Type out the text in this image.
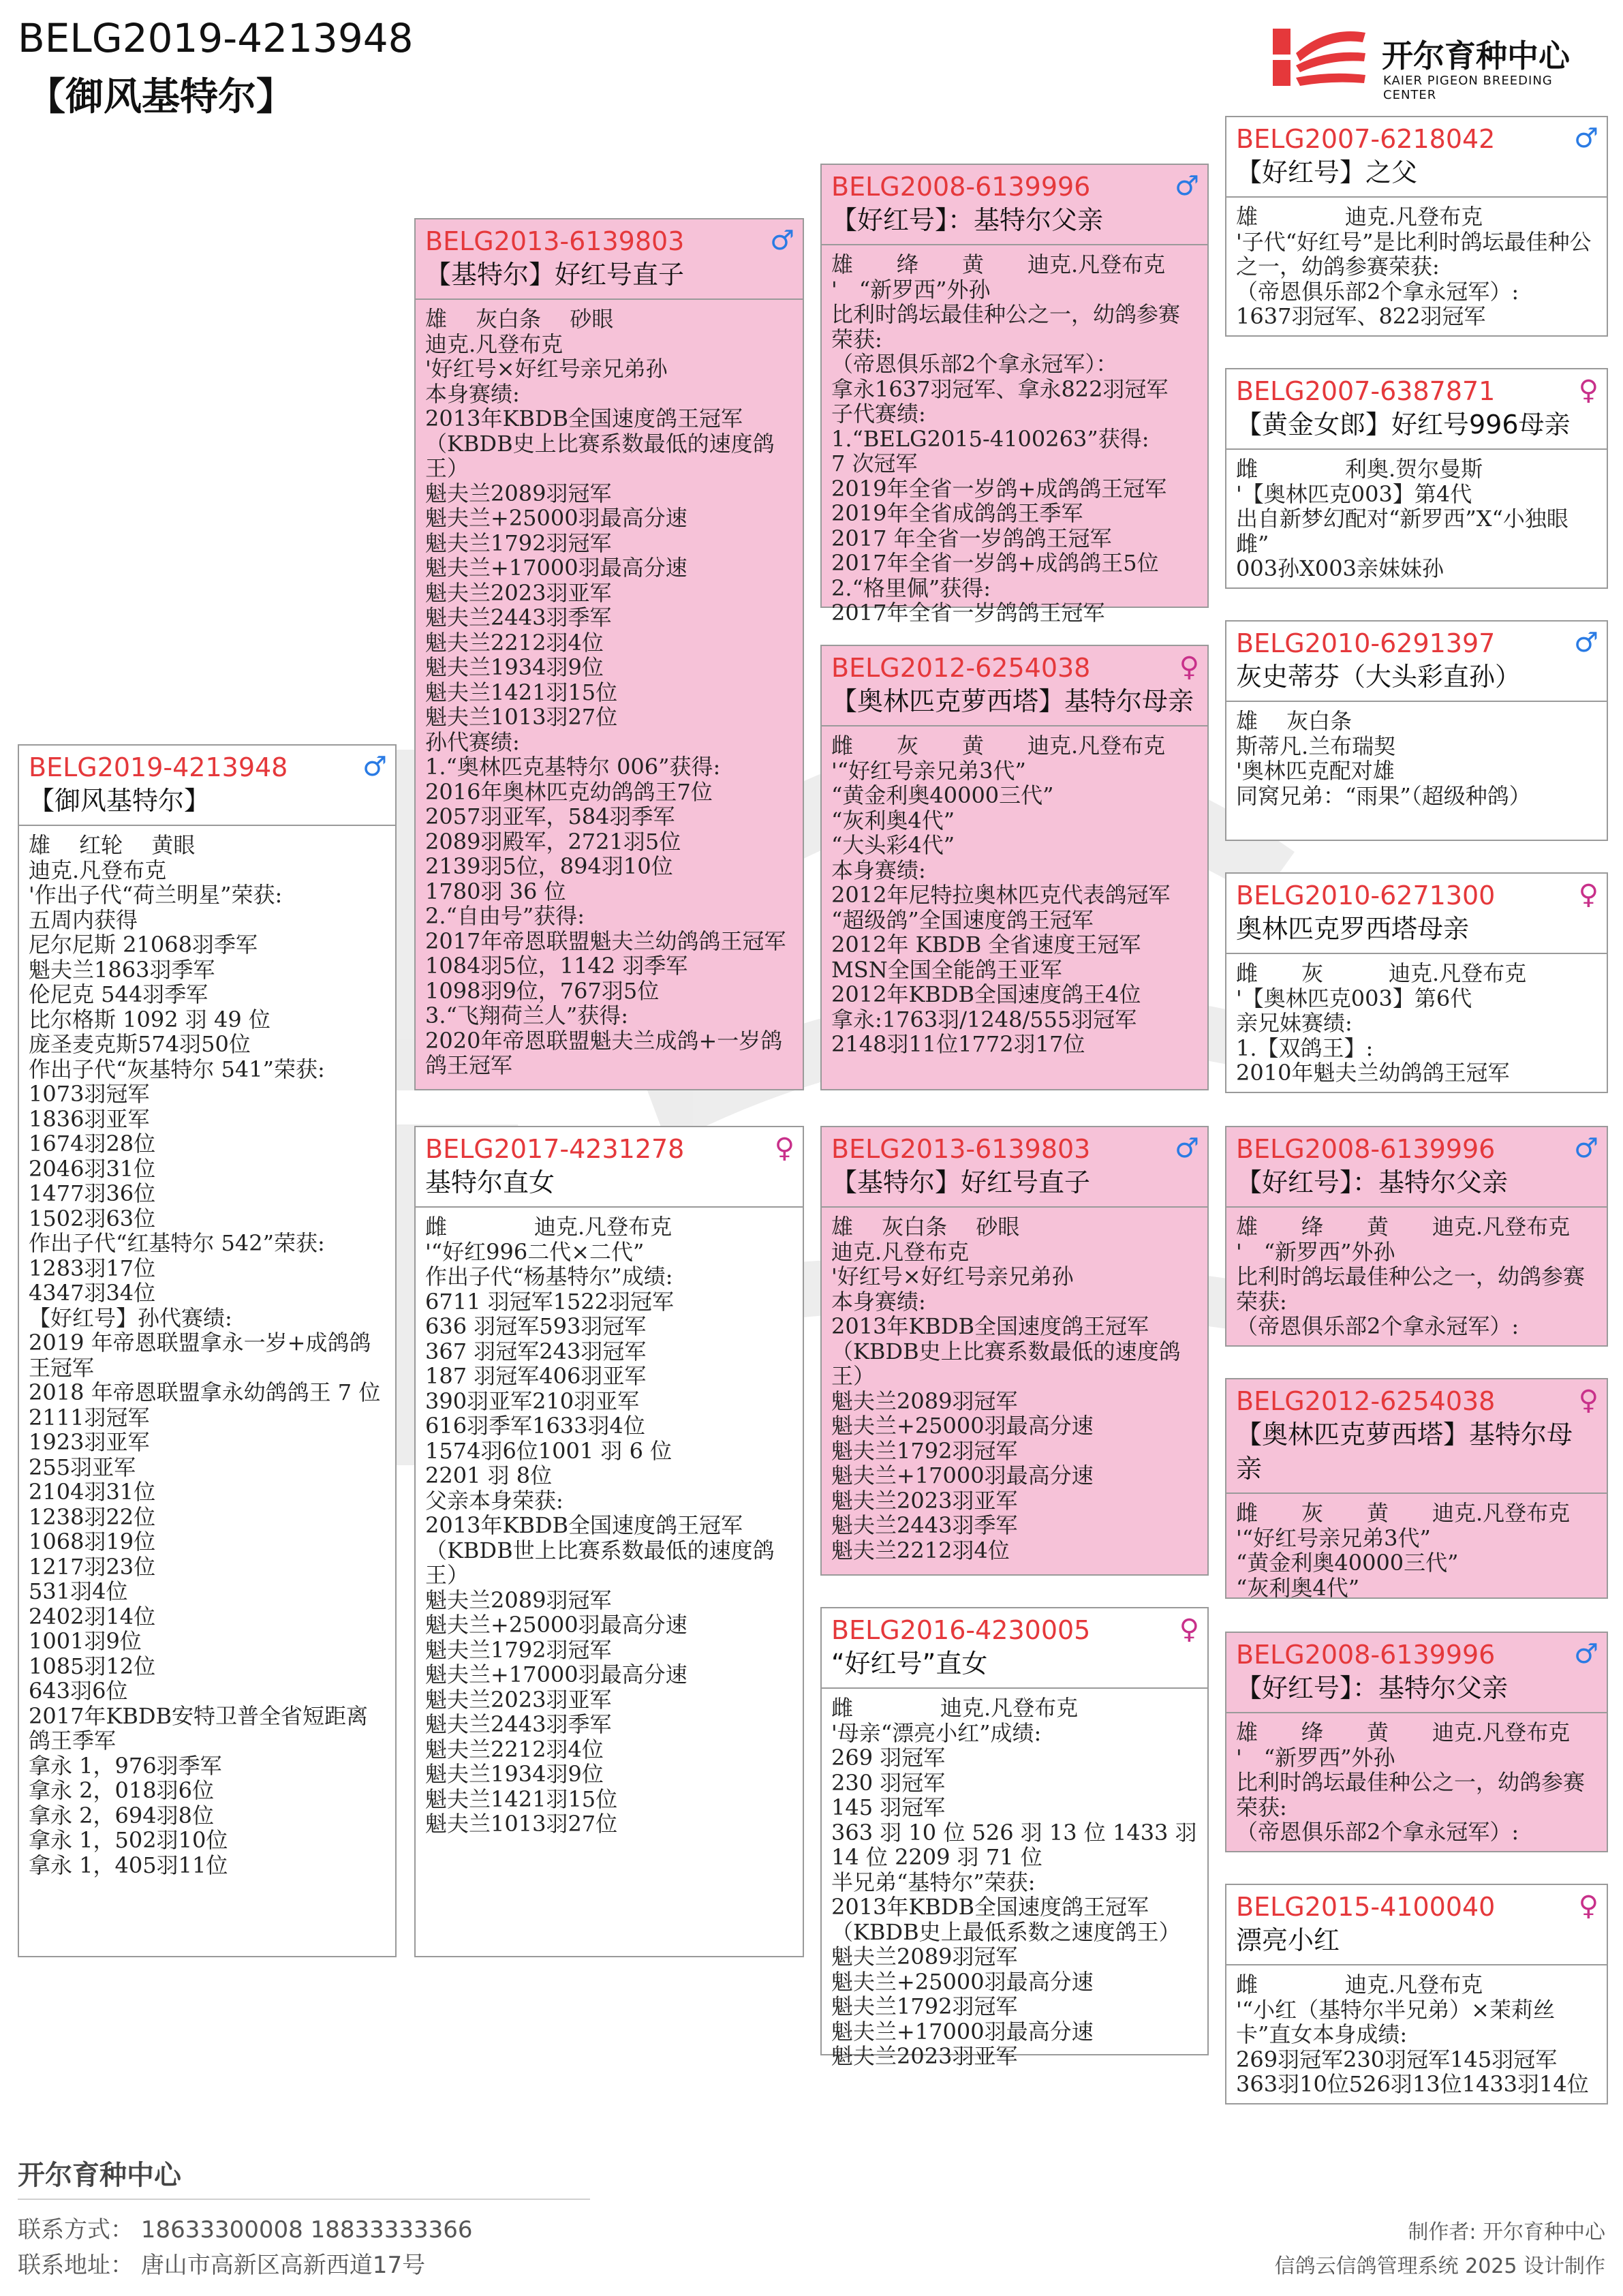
BELG2019-4213948
【御风基特尔】
开尔育种中心
KAIER PIGEON BREEDING CENTER
BELG2019-4213948	♂
【御风基特尔】
雄　 红轮　 黄眼
迪克.凡登布克
'作出子代“荷兰明星”荣获:
五周内获得
尼尔尼斯 21068羽季军
魁夫兰1863羽季军
伦尼克 544羽季军
比尔格斯 1092 羽 49 位
庞圣麦克斯574羽50位
作出子代“灰基特尔 541”荣获:
1073羽冠军
1836羽亚军
1674羽28位
2046羽31位
1477羽36位
1502羽63位
作出子代“红基特尔 542”荣获:
1283羽17位
4347羽34位
【好红号】孙代赛绩:
2019 年帝恩联盟拿永一岁+成鸽鸽王冠军
2018 年帝恩联盟拿永幼鸽鸽王 7 位
2111羽冠军
1923羽亚军
255羽亚军
2104羽31位
1238羽22位
1068羽19位
1217羽23位
531羽4位
2402羽14位
1001羽9位
1085羽12位
643羽6位
2017年KBDB安特卫普全省短距离鸽王季军
拿永 1，976羽季军
拿永 2，018羽6位
拿永 2，694羽8位
拿永 1，502羽10位
拿永 1，405羽11位
BELG2013-6139803	♂
【基特尔】好红号直子
雄　 灰白条　 砂眼
迪克.凡登布克
'好红号×好红号亲兄弟孙
本身赛绩:
2013年KBDB全国速度鸽王冠军
（KBDB史上比赛系数最低的速度鸽王）
魁夫兰2089羽冠军
魁夫兰+25000羽最高分速
魁夫兰1792羽冠军
魁夫兰+17000羽最高分速
魁夫兰2023羽亚军
魁夫兰2443羽季军
魁夫兰2212羽4位
魁夫兰1934羽9位
魁夫兰1421羽15位
魁夫兰1013羽27位
孙代赛绩:
1.“奥林匹克基特尔 006”获得:
2016年奥林匹克幼鸽鸽王7位
2057羽亚军，584羽季军
2089羽殿军，2721羽5位
2139羽5位，894羽10位
1780羽 36 位
2.“自由号”获得:
2017年帝恩联盟魁夫兰幼鸽鸽王冠军
1084羽5位，1142 羽季军
1098羽9位，767羽5位
3.“飞翔荷兰人”获得:
2020年帝恩联盟魁夫兰成鸽+一岁鸽鸽王冠军
BELG2017-4231278	♀
基特尔直女
雌　　　　迪克.凡登布克
'“好红996二代×二代”
作出子代“杨基特尔”成绩:
6711 羽冠军1522羽冠军
636 羽冠军593羽冠军
367 羽冠军243羽冠军
187 羽冠军406羽亚军
390羽亚军210羽亚军
616羽季军1633羽4位
1574羽6位1001 羽 6 位
2201 羽 8位
父亲本身荣获:
2013年KBDB全国速度鸽王冠军
（KBDB世上比赛系数最低的速度鸽王）
魁夫兰2089羽冠军
魁夫兰+25000羽最高分速
魁夫兰1792羽冠军
魁夫兰+17000羽最高分速
魁夫兰2023羽亚军
魁夫兰2443羽季军
魁夫兰2212羽4位
魁夫兰1934羽9位
魁夫兰1421羽15位
魁夫兰1013羽27位
BELG2008-6139996	♂
【好红号】：基特尔父亲
雄　　绛　　黄　　迪克.凡登布克
'　“新罗西”外孙
比利时鸽坛最佳种公之一，幼鸽参赛荣获:
（帝恩俱乐部2个拿永冠军）：
拿永1637羽冠军、拿永822羽冠军
子代赛绩:
1.“BELG2015-4100263”获得:
7 次冠军
2019年全省一岁鸽+成鸽鸽王冠军
2019年全省成鸽鸽王季军
2017 年全省一岁鸽鸽王冠军
2017年全省一岁鸽+成鸽鸽王5位
2.“格里佩”获得:
2017年全省一岁鸽鸽王冠军
BELG2012-6254038	♀
【奥林匹克萝西塔】基特尔母亲
雌　　灰　　黄　　迪克.凡登布克
'“好红号亲兄弟3代”
“黄金利奥40000三代”
“灰利奥4代”
“大头彩4代”
本身赛绩:
2012年尼特拉奥林匹克代表鸽冠军
“超级鸽”全国速度鸽王冠军
2012年 KBDB 全省速度王冠军
MSN全国全能鸽王亚军
2012年KBDB全国速度鸽王4位
拿永:1763羽/1248/555羽冠军
2148羽11位1772羽17位
BELG2013-6139803	♂
【基特尔】好红号直子
雄　 灰白条　 砂眼
迪克.凡登布克
'好红号×好红号亲兄弟孙
本身赛绩:
2013年KBDB全国速度鸽王冠军
（KBDB史上比赛系数最低的速度鸽王）
魁夫兰2089羽冠军
魁夫兰+25000羽最高分速
魁夫兰1792羽冠军
魁夫兰+17000羽最高分速
魁夫兰2023羽亚军
魁夫兰2443羽季军
魁夫兰2212羽4位
BELG2016-4230005	♀
“好红号”直女
雌　　　　迪克.凡登布克
'母亲“漂亮小红”成绩:
269 羽冠军
230 羽冠军
145 羽冠军
363 羽 10 位 526 羽 13 位 1433 羽 14 位 2209 羽 71 位
半兄弟“基特尔”荣获:
2013年KBDB全国速度鸽王冠军
（KBDB史上最低系数之速度鸽王）
魁夫兰2089羽冠军
魁夫兰+25000羽最高分速
魁夫兰1792羽冠军
魁夫兰+17000羽最高分速
魁夫兰2023羽亚军
BELG2007-6218042	♂
【好红号】之父
雄　　　　迪克.凡登布克
'子代“好红号”是比利时鸽坛最佳种公之一，幼鸽参赛荣获:
（帝恩俱乐部2个拿永冠军）:
1637羽冠军、822羽冠军
BELG2007-6387871	♀
【黄金女郎】好红号996母亲
雌　　　　利奥.贺尔曼斯
'【奥林匹克003】第4代
出自新梦幻配对“新罗西”X“小独眼雌”
003孙X003亲妹妹孙
BELG2010-6291397	♂
灰史蒂芬（大头彩直孙）
雄　 灰白条
斯蒂凡.兰布瑞契
'奥林匹克配对雄
同窝兄弟：“雨果”（超级种鸽）
BELG2010-6271300	♀
奥林匹克罗西塔母亲
雌　　灰　　　迪克.凡登布克
'【奥林匹克003】第6代
亲兄妹赛绩:
1.【双鸽王】:
2010年魁夫兰幼鸽鸽王冠军
BELG2008-6139996	♂
【好红号】：基特尔父亲
雄　　绛　　黄　　迪克.凡登布克
'　“新罗西”外孙
比利时鸽坛最佳种公之一，幼鸽参赛荣获:
（帝恩俱乐部2个拿永冠军）:
BELG2012-6254038	♀
【奥林匹克萝西塔】基特尔母亲
雌　　灰　　黄　　迪克.凡登布克
'“好红号亲兄弟3代”
“黄金利奥40000三代”
“灰利奥4代”
BELG2008-6139996	♂
【好红号】：基特尔父亲
雄　　绛　　黄　　迪克.凡登布克
'　“新罗西”外孙
比利时鸽坛最佳种公之一，幼鸽参赛荣获:
（帝恩俱乐部2个拿永冠军）:
BELG2015-4100040	♀
漂亮小红
雌　　　　迪克.凡登布克
'“小红（基特尔半兄弟）×茉莉丝卡”直女本身成绩:
269羽冠军230羽冠军145羽冠军
363羽10位526羽13位1433羽14位
开尔育种中心
联系方式： 18633300008 18833333366
联系地址： 唐山市高新区高新西道17号
制作者: 开尔育种中心
信鸽云信鸽管理系统 2025 设计制作
